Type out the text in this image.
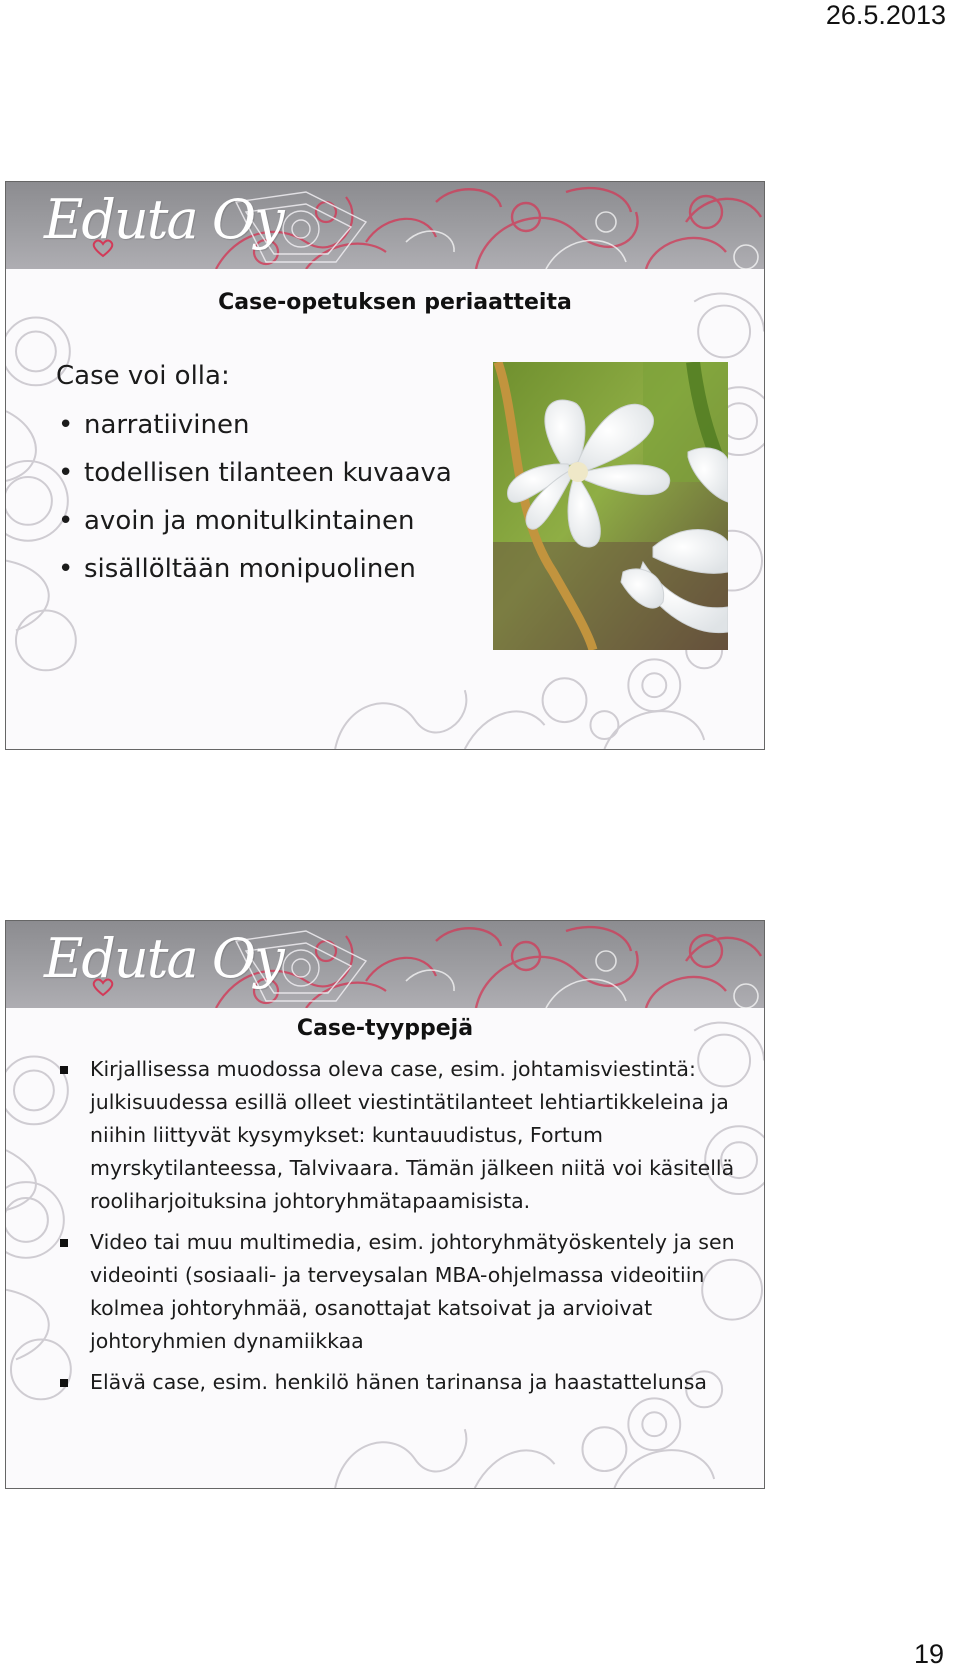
26.5.2013
Eduta Oy
Case-opetuksen periaatteita
Case voi olla:
• narratiivinen
• todellisen tilanteen kuvaava
• avoin ja monitulkintainen
• sisällöltään monipuolinen
Eduta Oy
Case-tyyppejä
Kirjallisessa muodossa oleva case, esim. johtamisviestintä: julkisuudessa esillä olleet viestintätilanteet lehtiartikkeleina ja niihin liittyvät kysymykset: kuntauudistus, Fortum myrskytilanteessa, Talvivaara. Tämän jälkeen niitä voi käsitellä rooliharjoituksina johtoryhmätapaamisista.
Video tai muu multimedia, esim. johtoryhmätyöskentely ja sen videointi (sosiaali- ja terveysalan MBA-ohjelmassa videoitiin kolmea johtoryhmää, osanottajat katsoivat ja arvioivat johtoryhmien dynamiikkaa
Elävä case, esim. henkilö hänen tarinansa ja haastattelunsa
19
